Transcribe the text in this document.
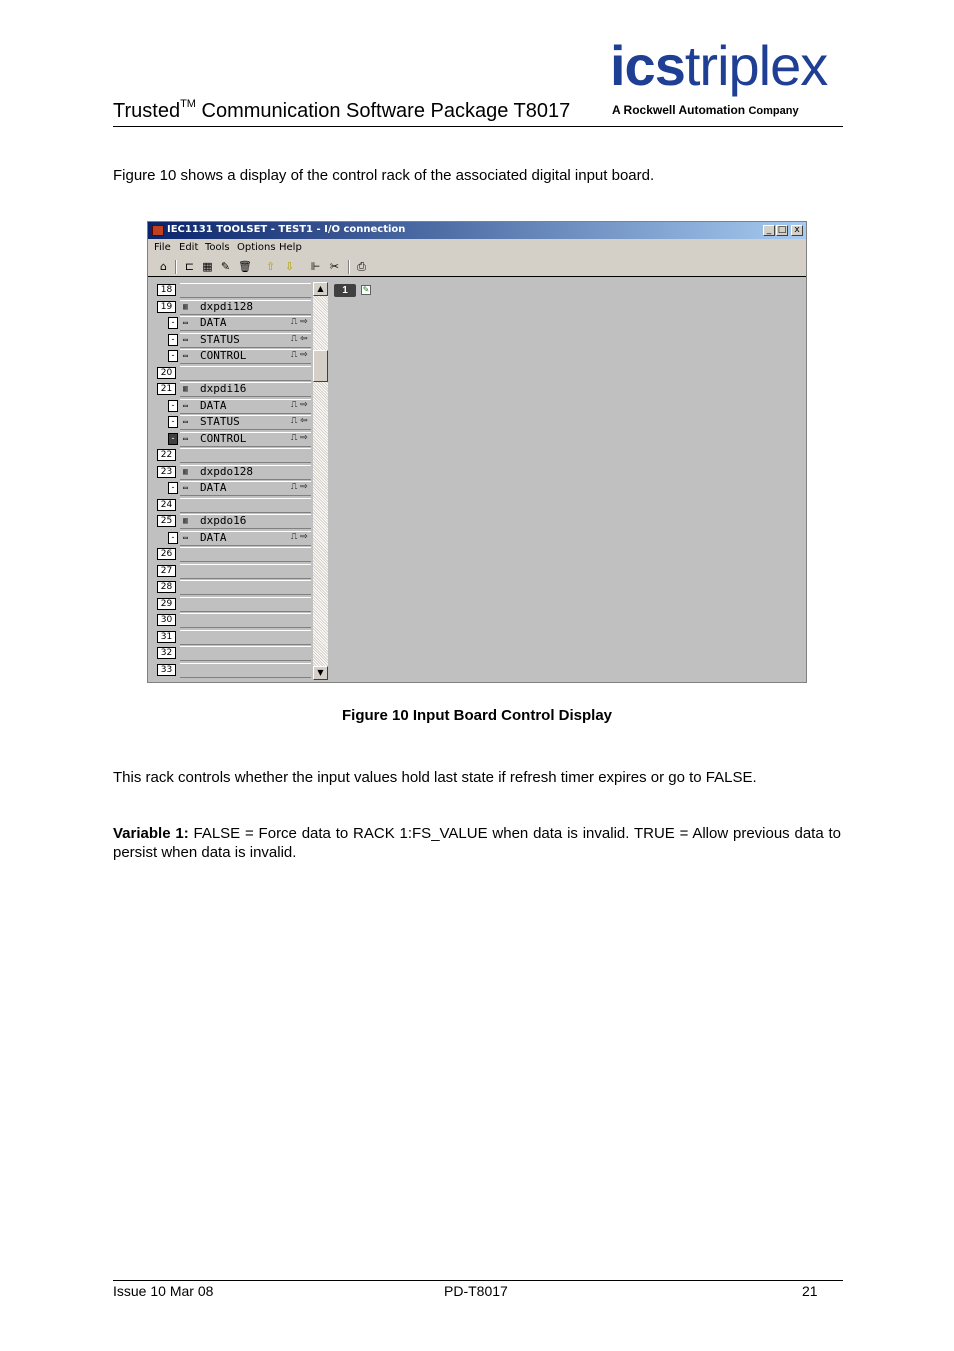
Trusted™ Communication Software Package T8017
icstriplex
A Rockwell Automation Company
Figure 10 shows a display of the control rack of the associated digital input board.
IEC1131 TOOLSET - TEST1 - I/O connection	_ □ x
File Edit Tools Options Help
⌂ ⊏ ▦ ✎ 🗑 ⇧ ⇩ ⊩ ✂ ⎙
18
19	▥ dxpdi128
-	▭ DATA	⎍ ⇨
-	▭ STATUS	⎍ ⇦
-	▭ CONTROL	⎍ ⇨
20
21	▥ dxpdi16
-	▭ DATA	⎍ ⇨
-	▭ STATUS	⎍ ⇦
-	▭ CONTROL	⎍ ⇨
22
23	▥ dxpdo128
-	▭ DATA	⎍ ⇨
24
25	▥ dxpdo16
-	▭ DATA	⎍ ⇨
26
27
28
29
30
31
32
33
▲
▼
1	✎
Figure 10 Input Board Control Display
This rack controls whether the input values hold last state if refresh timer expires or go to FALSE.
Variable 1: FALSE = Force data to RACK 1:FS_VALUE when data is invalid. TRUE = Allow previous data to persist when data is invalid.
Issue 10 Mar 08	PD-T8017	21
